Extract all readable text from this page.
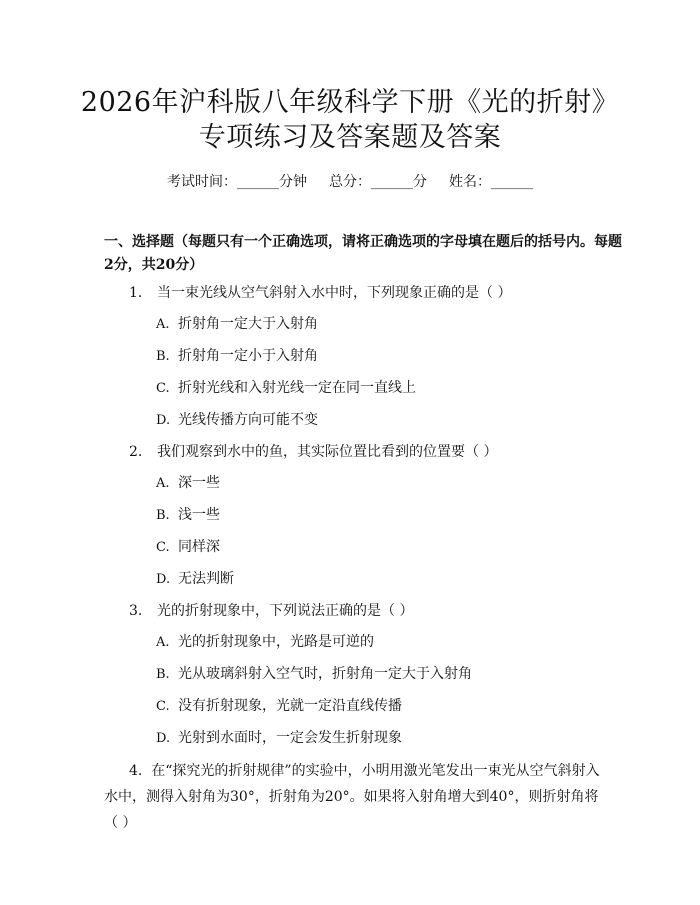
2026年沪科版八年级科学下册《光的折射》
专项练习及答案题及答案
考试时间：______分钟 总分：______分 姓名：______
一、选择题（每题只有一个正确选项，请将正确选项的字母填在题后的括号内。每题2分，共20分）
1. 当一束光线从空气斜射入水中时，下列现象正确的是（ ）
A. 折射角一定大于入射角
B. 折射角一定小于入射角
C. 折射光线和入射光线一定在同一直线上
D. 光线传播方向可能不变
2. 我们观察到水中的鱼，其实际位置比看到的位置要（ ）
A. 深一些
B. 浅一些
C. 同样深
D. 无法判断
3. 光的折射现象中，下列说法正确的是（ ）
A. 光的折射现象中，光路是可逆的
B. 光从玻璃斜射入空气时，折射角一定大于入射角
C. 没有折射现象，光就一定沿直线传播
D. 光射到水面时，一定会发生折射现象
4. 在“探究光的折射规律”的实验中，小明用激光笔发出一束光从空气斜射入水中，测得入射角为30°，折射角为20°。如果将入射角增大到40°，则折射角将（ ）
